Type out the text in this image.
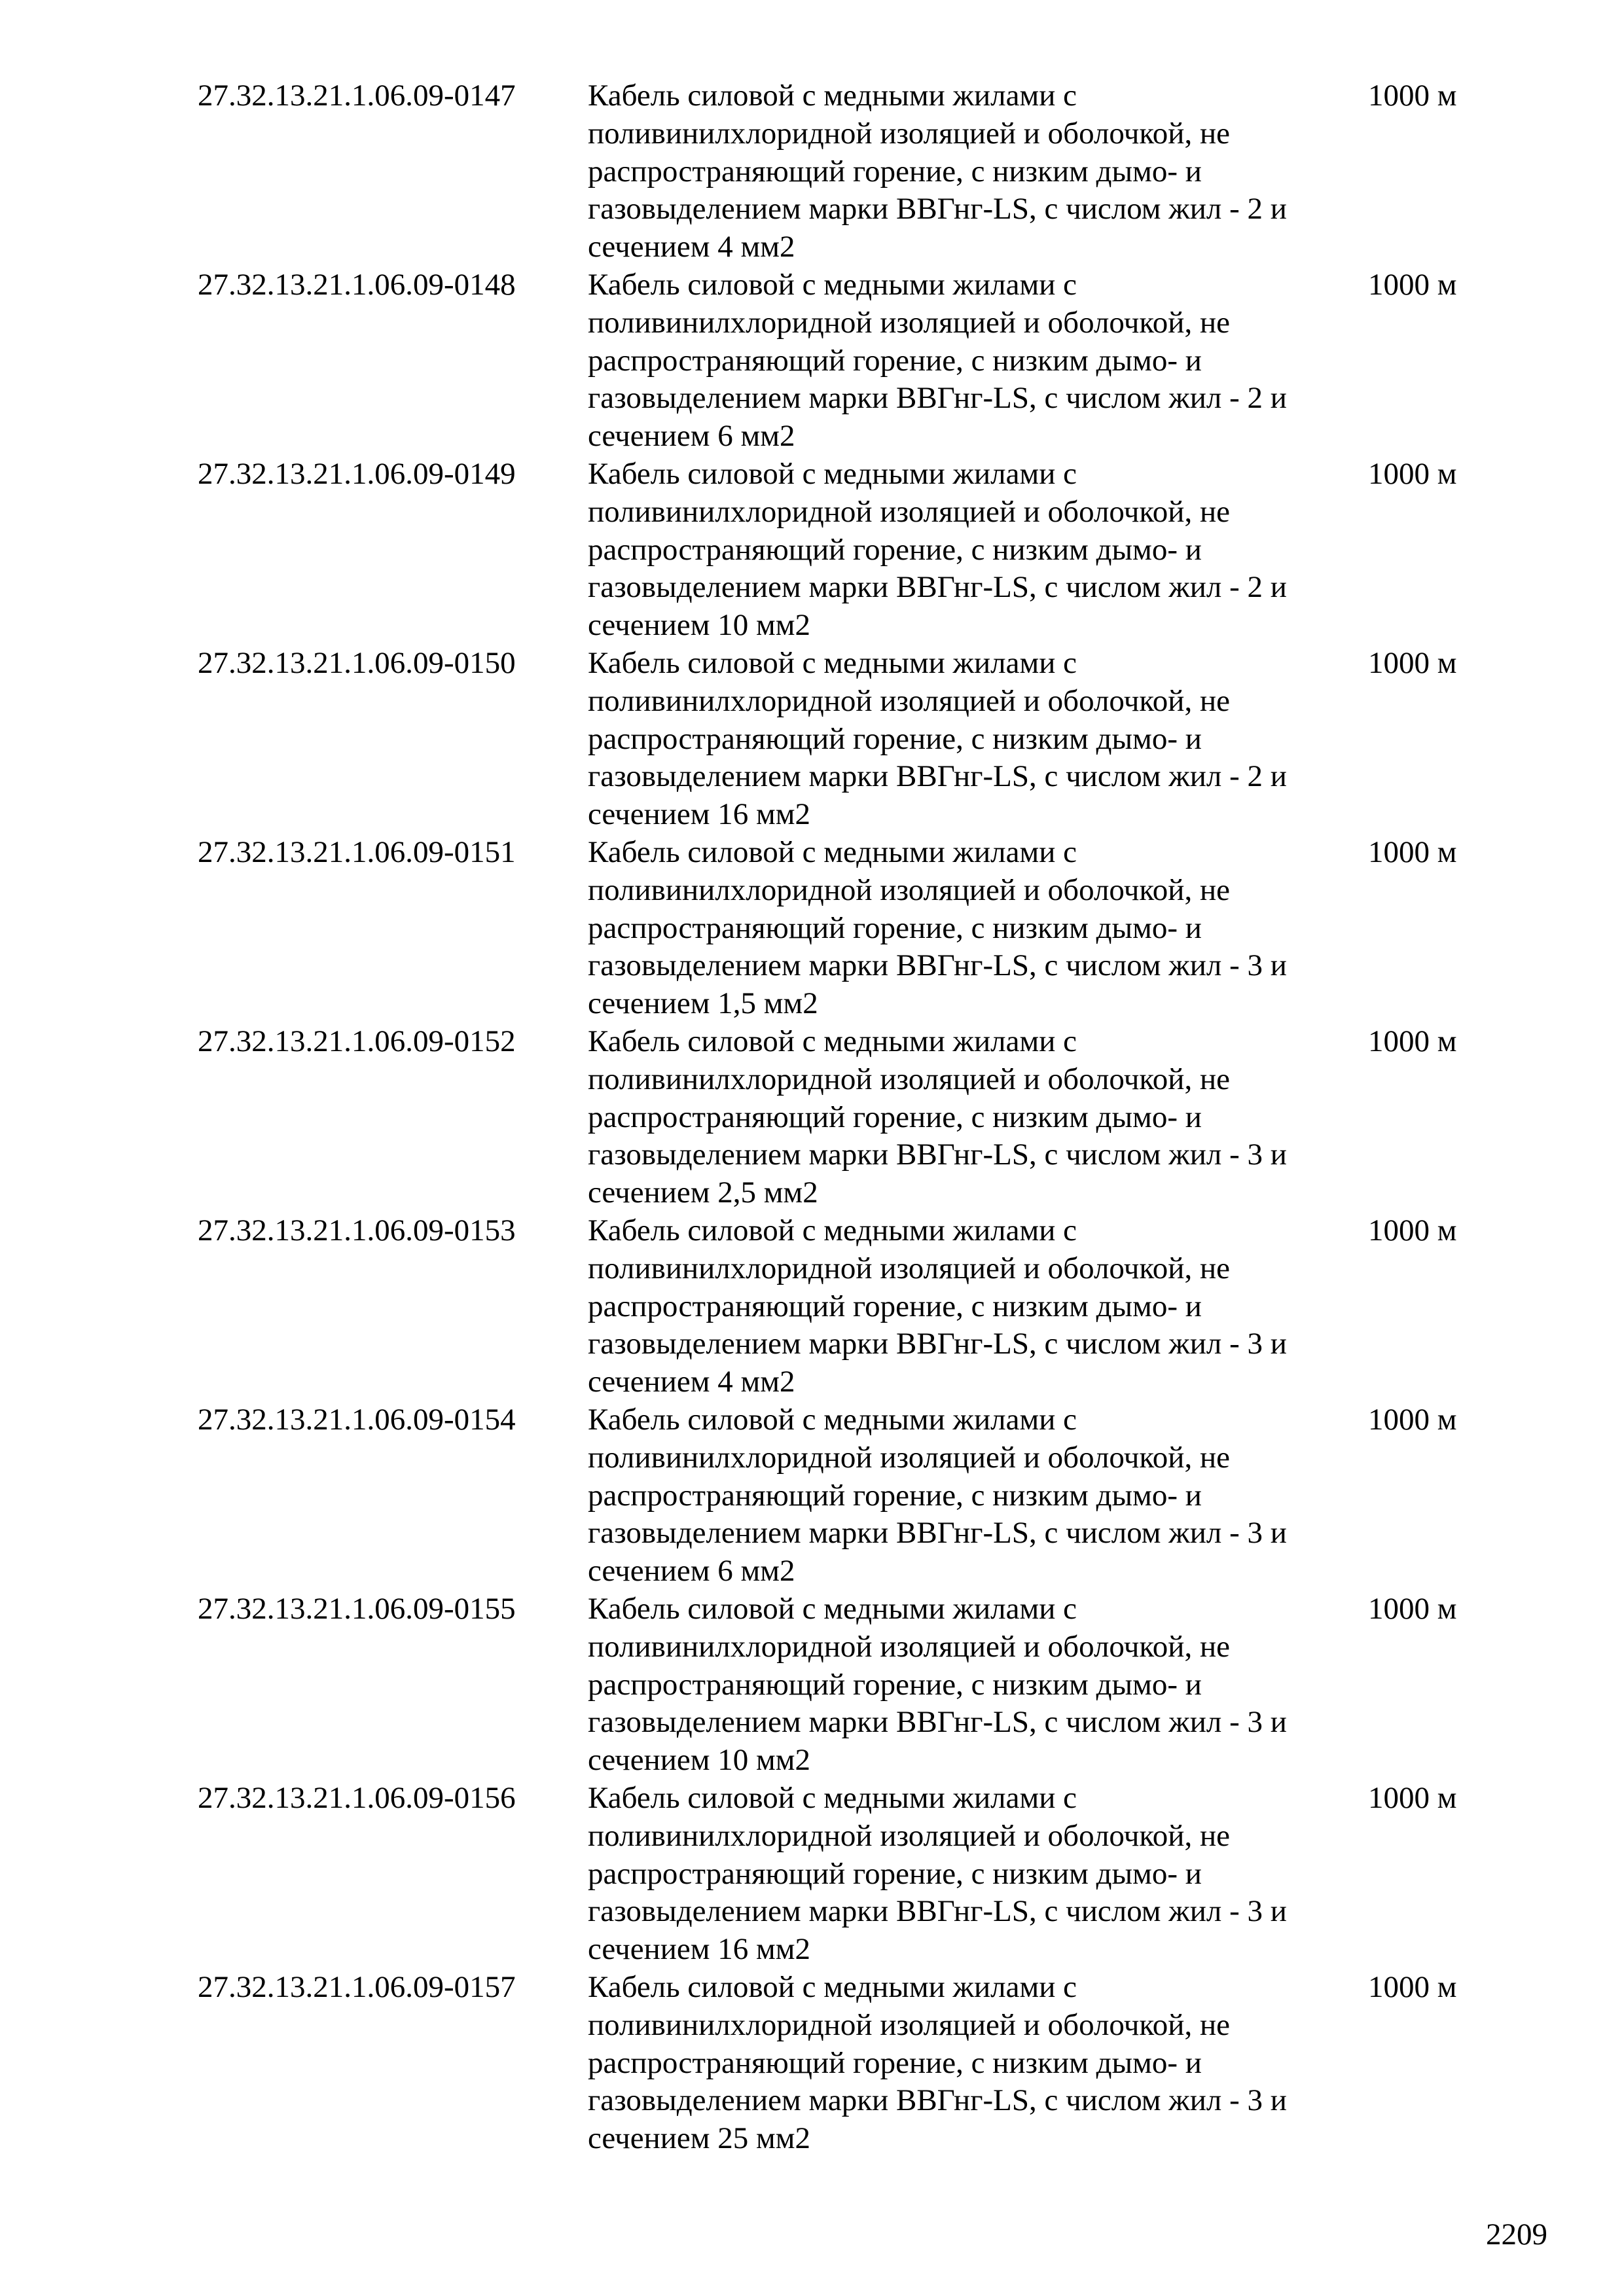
27.32.13.21.1.06.09-0147 Кабель силовой с медными жилами с
поливинилхлоридной изоляцией и оболочкой, не
распространяющий горение, с низким дымо- и
газовыделением марки ВВГнг-LS, с числом жил - 2 и
сечением 4 мм2
1000 м
27.32.13.21.1.06.09-0148 Кабель силовой с медными жилами с
поливинилхлоридной изоляцией и оболочкой, не
распространяющий горение, с низким дымо- и
газовыделением марки ВВГнг-LS, с числом жил - 2 и
сечением 6 мм2
1000 м
27.32.13.21.1.06.09-0149 Кабель силовой с медными жилами с
поливинилхлоридной изоляцией и оболочкой, не
распространяющий горение, с низким дымо- и
газовыделением марки ВВГнг-LS, с числом жил - 2 и
сечением 10 мм2
1000 м
27.32.13.21.1.06.09-0150 Кабель силовой с медными жилами с
поливинилхлоридной изоляцией и оболочкой, не
распространяющий горение, с низким дымо- и
газовыделением марки ВВГнг-LS, с числом жил - 2 и
сечением 16 мм2
1000 м
27.32.13.21.1.06.09-0151 Кабель силовой с медными жилами с
поливинилхлоридной изоляцией и оболочкой, не
распространяющий горение, с низким дымо- и
газовыделением марки ВВГнг-LS, с числом жил - 3 и
сечением 1,5 мм2
1000 м
27.32.13.21.1.06.09-0152 Кабель силовой с медными жилами с
поливинилхлоридной изоляцией и оболочкой, не
распространяющий горение, с низким дымо- и
газовыделением марки ВВГнг-LS, с числом жил - 3 и
сечением 2,5 мм2
1000 м
27.32.13.21.1.06.09-0153 Кабель силовой с медными жилами с
поливинилхлоридной изоляцией и оболочкой, не
распространяющий горение, с низким дымо- и
газовыделением марки ВВГнг-LS, с числом жил - 3 и
сечением 4 мм2
1000 м
27.32.13.21.1.06.09-0154 Кабель силовой с медными жилами с
поливинилхлоридной изоляцией и оболочкой, не
распространяющий горение, с низким дымо- и
газовыделением марки ВВГнг-LS, с числом жил - 3 и
сечением 6 мм2
1000 м
27.32.13.21.1.06.09-0155 Кабель силовой с медными жилами с
поливинилхлоридной изоляцией и оболочкой, не
распространяющий горение, с низким дымо- и
газовыделением марки ВВГнг-LS, с числом жил - 3 и
сечением 10 мм2
1000 м
27.32.13.21.1.06.09-0156 Кабель силовой с медными жилами с
поливинилхлоридной изоляцией и оболочкой, не
распространяющий горение, с низким дымо- и
газовыделением марки ВВГнг-LS, с числом жил - 3 и
сечением 16 мм2
1000 м
27.32.13.21.1.06.09-0157 Кабель силовой с медными жилами с
поливинилхлоридной изоляцией и оболочкой, не
распространяющий горение, с низким дымо- и
газовыделением марки ВВГнг-LS, с числом жил - 3 и
сечением 25 мм2
1000 м
2209
